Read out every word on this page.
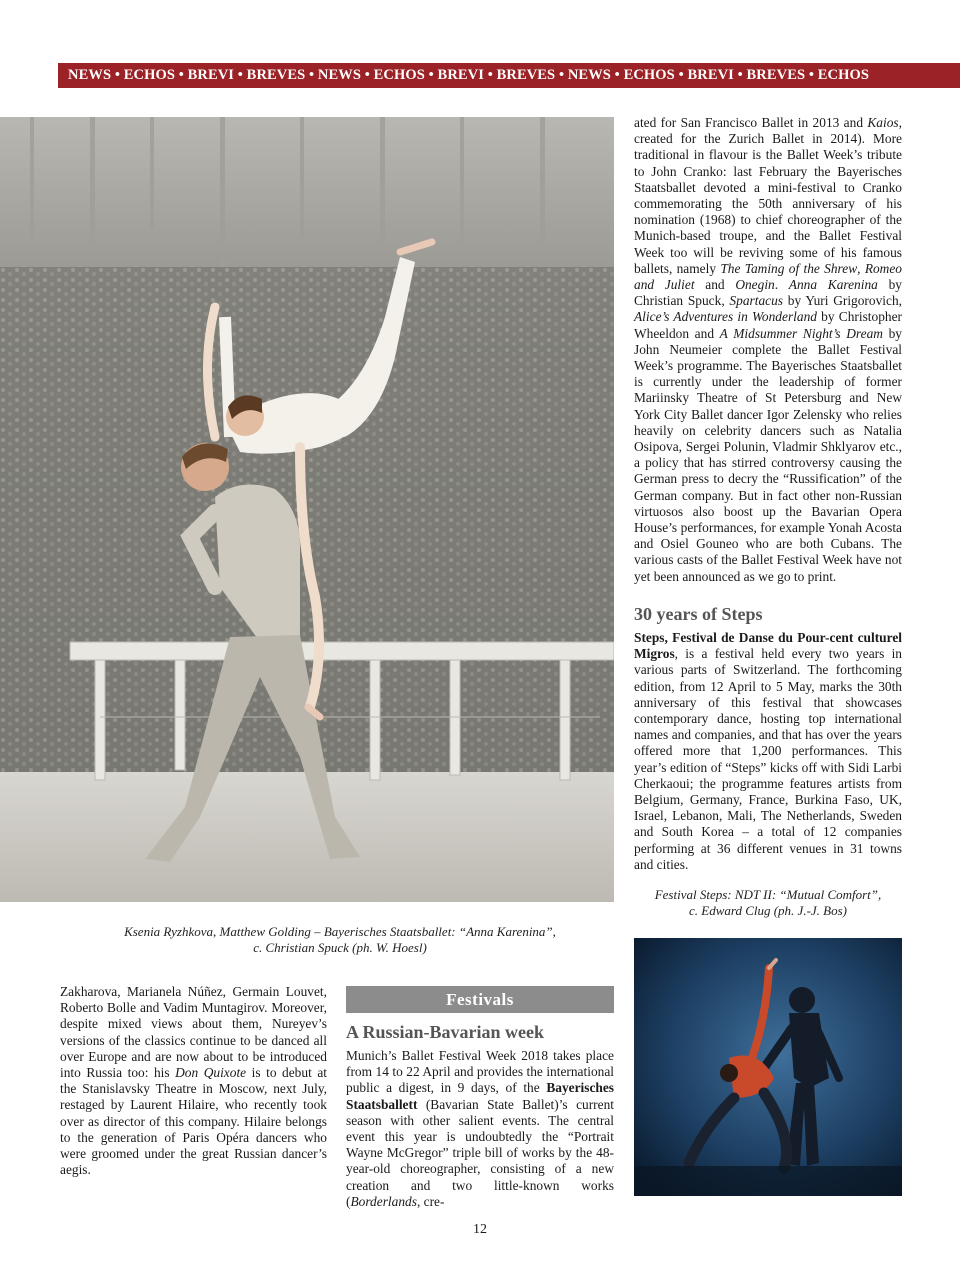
NEWS • ECHOS • BREVI • BREVES • NEWS • ECHOS • BREVI • BREVES • NEWS • ECHOS • BREVI • BREVES • ECHOS
Ksenia Ryzhkova, Matthew Golding – Bayerisches Staatsballet: “Anna Karenina”,
c. Christian Spuck (ph. W. Hoesl)

ated for San Francisco Ballet in 2013 and Kaios, created for the Zurich Ballet in 2014). More traditional in flavour is the Ballet Week’s tribute to John Cranko: last February the Bayerisches Staatsballet devoted a mini-festival to Cranko commemorating the 50th anniversary of his nomination (1968) to chief choreographer of the Munich-based troupe, and the Ballet Festival Week too will be reviving some of his famous ballets, namely The Taming of the Shrew, Romeo and Juliet and Onegin. Anna Karenina by Christian Spuck, Spartacus by Yuri Grigorovich, Alice’s Adventures in Wonderland by Christopher Wheeldon and A Midsummer Night’s Dream by John Neumeier complete the Ballet Festival Week’s programme. The Bayerisches Staatsballet is currently under the leadership of former Mariinsky Theatre of St Petersburg and New York City Ballet dancer Igor Zelensky who relies heavily on celebrity dancers such as Natalia Osipova, Sergei Polunin, Vladmir Shklyarov etc., a policy that has stirred controversy causing the German press to decry the “Russification” of the German company. But in fact other non-Russian virtuosos also boost up the Bavarian Opera House’s performances, for example Yonah Acosta and Osiel Gouneo who are both Cubans. The various casts of the Ballet Festival Week have not yet been announced as we go to print.

30 years of Steps

Steps, Festival de Danse du Pour-cent culturel Migros, is a festival held every two years in various parts of Switzerland. The forthcoming edition, from 12 April to 5 May, marks the 30th anniversary of this festival that showcases contemporary dance, hosting top international names and companies, and that has over the years offered more that 1,200 performances. This year’s edition of “Steps” kicks off with Sidi Larbi Cherkaoui; the programme features artists from Belgium, Germany, France, Burkina Faso, UK, Israel, Lebanon, Mali, The Netherlands, Sweden and South Korea – a total of 12 companies performing at 36 different venues in 31 towns and cities.

Festival Steps: NDT II: “Mutual Comfort”,
c. Edward Clug (ph. J.-J. Bos)

Zakharova, Marianela Núñez, Germain Louvet, Roberto Bolle and Vadim Muntagirov. Moreover, despite mixed views about them, Nureyev’s versions of the classics continue to be danced all over Europe and are now about to be introduced into Russia too: his Don Quixote is to debut at the Stanislavsky Theatre in Moscow, next July, restaged by Laurent Hilaire, who recently took over as director of this company. Hilaire belongs to the generation of Paris Opéra dancers who were groomed under the great Russian dancer’s aegis.

Festivals
A Russian-Bavarian week

Munich’s Ballet Festival Week 2018 takes place from 14 to 22 April and provides the international public a digest, in 9 days, of the Bayerisches Staatsballett (Bavarian State Ballet)’s current season with other salient events. The central event this year is undoubtedly the “Portrait Wayne McGregor” triple bill of works by the 48-year-old choreographer, consisting of a new creation and two little-known works (Borderlands, cre-

12
